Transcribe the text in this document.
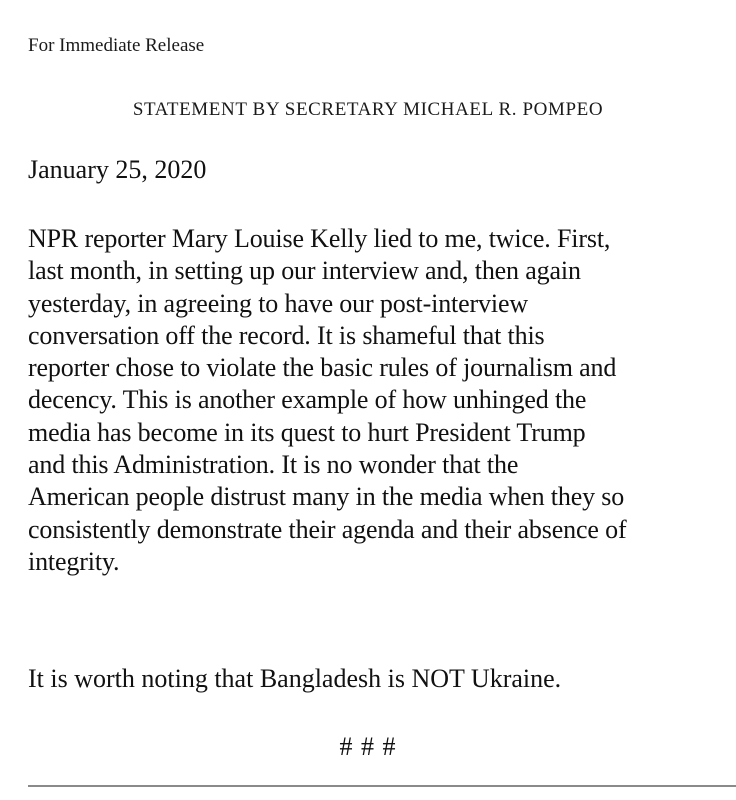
For Immediate Release
STATEMENT BY SECRETARY MICHAEL R. POMPEO
January 25, 2020
NPR reporter Mary Louise Kelly lied to me, twice. First,
last month, in setting up our interview and, then again
yesterday, in agreeing to have our post-interview
conversation off the record. It is shameful that this
reporter chose to violate the basic rules of journalism and
decency. This is another example of how unhinged the
media has become in its quest to hurt President Trump
and this Administration. It is no wonder that the
American people distrust many in the media when they so
consistently demonstrate their agenda and their absence of
integrity.
It is worth noting that Bangladesh is NOT Ukraine.
# # #
